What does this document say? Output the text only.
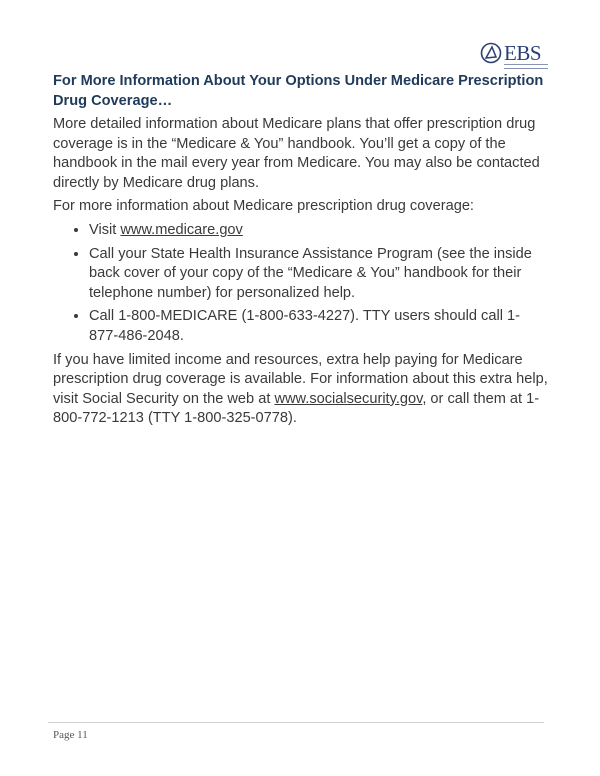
EBS
For More Information About Your Options Under Medicare Prescription Drug Coverage…

More detailed information about Medicare plans that offer prescription drug coverage is in the “Medicare & You” handbook. You’ll get a copy of the handbook in the mail every year from Medicare. You may also be contacted directly by Medicare drug plans.

For more information about Medicare prescription drug coverage:

• Visit www.medicare.gov
• Call your State Health Insurance Assistance Program (see the inside back cover of your copy of the “Medicare & You” handbook for their telephone number) for personalized help.
• Call 1-800-MEDICARE (1-800-633-4227). TTY users should call 1-877-486-2048.

If you have limited income and resources, extra help paying for Medicare prescription drug coverage is available. For information about this extra help, visit Social Security on the web at www.socialsecurity.gov, or call them at 1-800-772-1213 (TTY 1-800-325-0778).

Page 11
